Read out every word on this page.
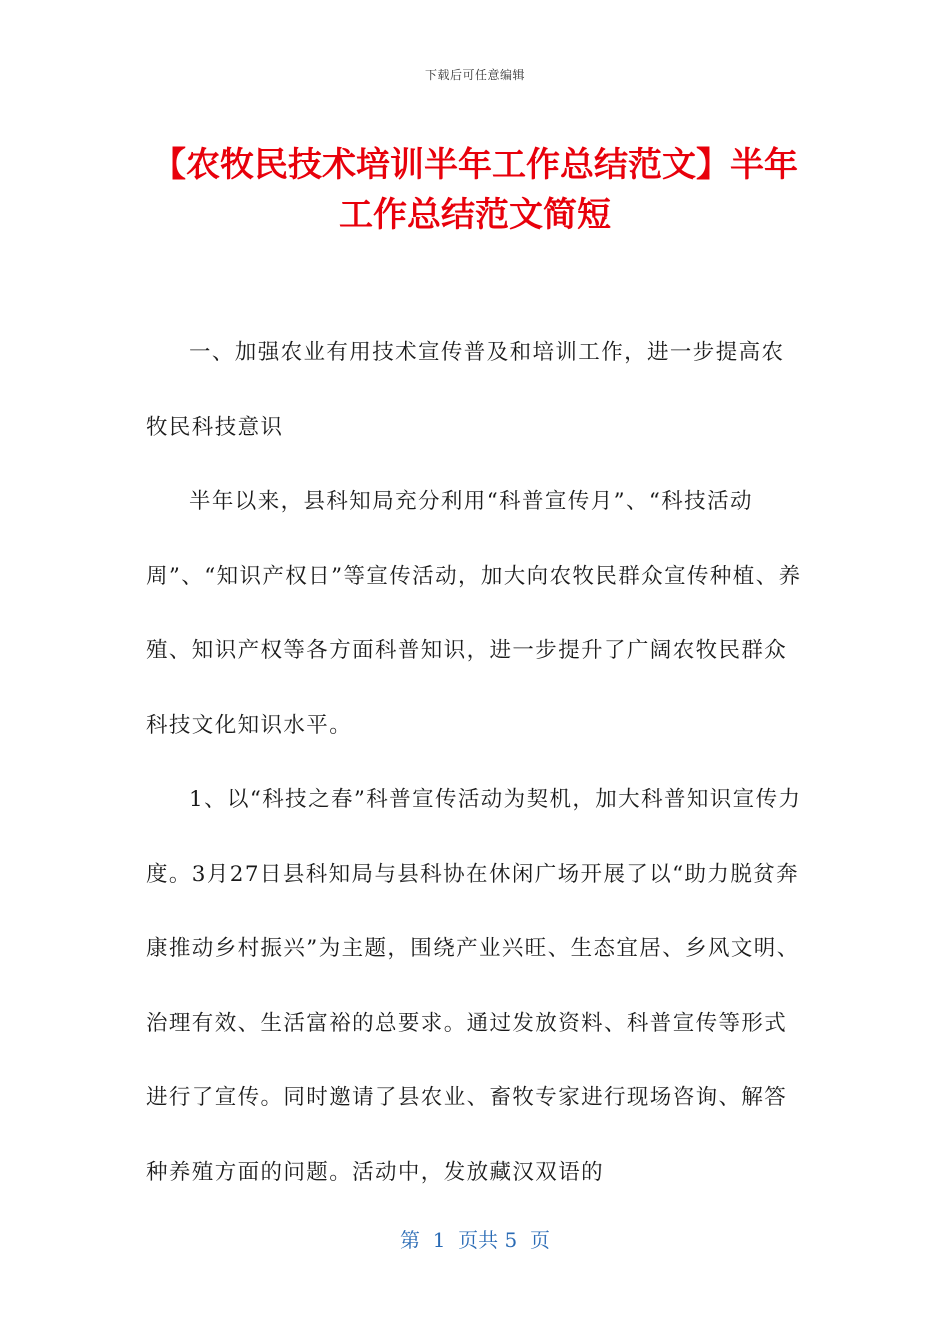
下载后可任意编辑
【农牧民技术培训半年工作总结范文】半年工作总结范文简短

一、加强农业有用技术宣传普及和培训工作，进一步提高农牧民科技意识

半年以来，县科知局充分利用“科普宣传月”、“科技活动周”、“知识产权日”等宣传活动，加大向农牧民群众宣传种植、养殖、知识产权等各方面科普知识，进一步提升了广阔农牧民群众科技文化知识水平。

1、以“科技之春”科普宣传活动为契机，加大科普知识宣传力度。3月27日县科知局与县科协在休闲广场开展了以“助力脱贫奔康推动乡村振兴”为主题，围绕产业兴旺、生态宜居、乡风文明、治理有效、生活富裕的总要求。通过发放资料、科普宣传等形式进行了宣传。同时邀请了县农业、畜牧专家进行现场咨询、解答种养殖方面的问题。活动中，发放藏汉双语的

第  1  页共 5  页
